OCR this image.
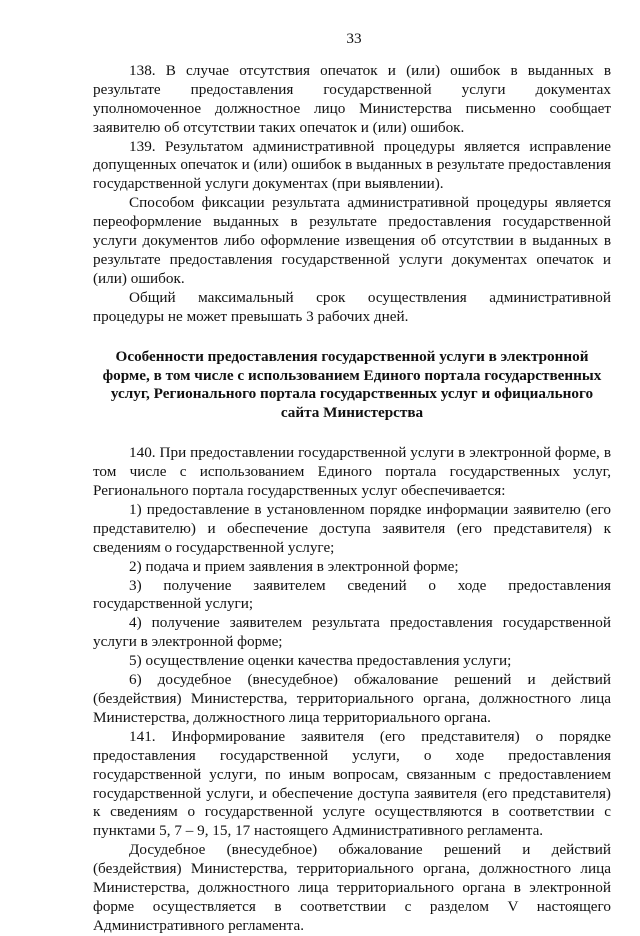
33

138. В случае отсутствия опечаток и (или) ошибок в выданных в результате предоставления государственной услуги документах уполномоченное должностное лицо Министерства письменно сообщает заявителю об отсутствии таких опечаток и (или) ошибок.

139. Результатом административной процедуры является исправление допущенных опечаток и (или) ошибок в выданных в результате предоставления государственной услуги документах (при выявлении).

Способом фиксации результата административной процедуры является переоформление выданных в результате предоставления государственной услуги документов либо оформление извещения об отсутствии в выданных в результате предоставления государственной услуги документах опечаток и (или) ошибок.

Общий максимальный срок осуществления административной процедуры не может превышать 3 рабочих дней.

Особенности предоставления государственной услуги в электронной форме, в том числе с использованием Единого портала государственных услуг, Регионального портала государственных услуг и официального сайта Министерства

140. При предоставлении государственной услуги в электронной форме, в том числе с использованием Единого портала государственных услуг, Регионального портала государственных услуг обеспечивается:

1) предоставление в установленном порядке информации заявителю (его представителю) и обеспечение доступа заявителя (его представителя) к сведениям о государственной услуге;

2) подача и прием заявления в электронной форме;

3) получение заявителем сведений о ходе предоставления государственной услуги;

4) получение заявителем результата предоставления государственной услуги в электронной форме;

5) осуществление оценки качества предоставления услуги;

6) досудебное (внесудебное) обжалование решений и действий (бездействия) Министерства, территориального органа, должностного лица Министерства, должностного лица территориального органа.

141. Информирование заявителя (его представителя) о порядке предоставления государственной услуги, о ходе предоставления государственной услуги, по иным вопросам, связанным с предоставлением государственной услуги, и обеспечение доступа заявителя (его представителя) к сведениям о государственной услуге осуществляются в соответствии с пунктами 5, 7 – 9, 15, 17 настоящего Административного регламента.

Досудебное (внесудебное) обжалование решений и действий (бездействия) Министерства, территориального органа, должностного лица Министерства, должностного лица территориального органа в электронной форме осуществляется в соответствии с разделом V настоящего Административного регламента.
